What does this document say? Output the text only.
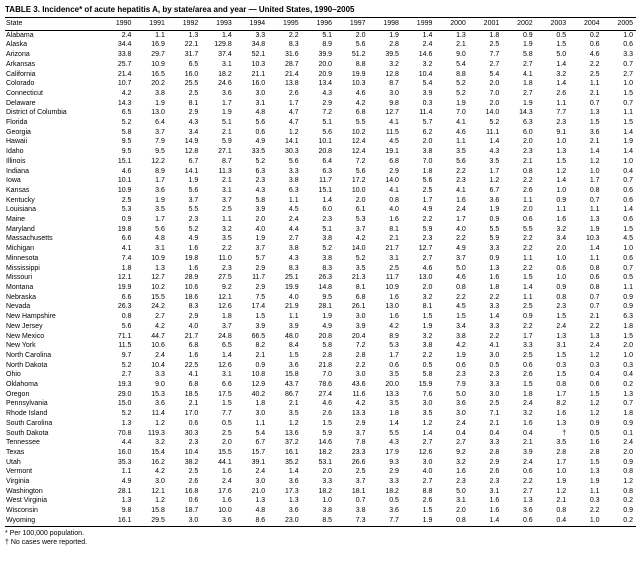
TABLE 3. Incidence* of acute hepatitis A, by state/area and year — United States, 1990–2005
State	1990	1991	1992	1993	1994	1995	1996	1997	1998	1999	2000	2001	2002	2003	2004	2005
Alabama	2.4	1.1	1.3	1.4	3.3	2.2	5.1	2.0	1.9	1.4	1.3	1.8	0.9	0.5	0.2	1.0
Alaska	34.4	16.9	22.1	129.8	34.8	8.3	8.9	5.6	2.8	2.4	2.1	2.5	1.9	1.5	0.6	0.6
Arizona	33.8	29.7	31.7	37.4	52.1	31.6	39.9	51.2	39.5	14.6	9.0	7.7	5.8	5.0	4.6	3.3
Arkansas	25.7	10.9	6.5	3.1	10.3	28.7	20.0	8.8	3.2	3.2	5.4	2.7	2.7	1.4	2.2	0.7
California	21.4	16.5	16.0	18.2	21.1	21.4	20.9	19.9	12.8	10.4	8.8	5.4	4.1	3.2	2.5	2.7
Colorado	10.7	20.2	25.5	24.6	16.0	13.8	13.4	10.3	8.7	5.4	5.2	2.0	1.8	1.4	1.1	1.0
Connecticut	4.2	3.8	2.5	3.6	3.0	2.6	4.3	4.6	3.0	3.9	5.2	7.0	2.7	2.6	2.1	1.5
Delaware	14.3	1.9	8.1	1.7	3.1	1.7	2.9	4.2	9.8	0.3	1.9	2.0	1.9	1.1	0.7	0.7
District of Columbia	6.5	13.0	2.9	1.9	4.8	4.7	7.2	6.8	12.7	11.4	7.0	14.0	14.3	7.7	1.3	1.1
Florida	5.2	6.4	4.3	5.1	5.6	4.7	5.1	5.5	4.1	5.7	4.1	5.2	6.3	2.3	1.5	1.5
Georgia	5.8	3.7	3.4	2.1	0.6	1.2	5.6	10.2	11.5	6.2	4.6	11.1	6.0	9.1	3.6	1.4
Hawaii	9.5	7.9	14.9	5.9	4.9	14.1	10.1	12.4	4.5	2.0	1.1	1.4	2.0	1.0	2.1	1.9
Idaho	9.5	9.5	12.8	27.1	33.5	30.3	20.8	12.4	19.1	3.8	3.5	4.3	2.3	1.3	1.4	1.4
Illinois	15.1	12.2	6.7	8.7	5.2	5.6	6.4	7.2	6.8	7.0	5.6	3.5	2.1	1.5	1.2	1.0
Indiana	4.6	8.9	14.1	11.3	6.3	3.3	6.3	5.6	2.9	1.8	2.2	1.7	0.8	1.2	1.0	0.4
Iowa	10.1	1.7	1.9	2.1	2.3	3.8	11.7	17.2	14.0	5.6	2.3	1.2	2.2	1.4	1.7	0.7
Kansas	10.9	3.6	5.6	3.1	4.3	6.3	15.1	10.0	4.1	2.5	4.1	6.7	2.6	1.0	0.8	0.6
Kentucky	2.5	1.9	3.7	3.7	5.8	1.1	1.4	2.0	0.8	1.7	1.6	3.6	1.1	0.9	0.7	0.6
Louisiana	5.3	3.5	5.5	2.5	3.9	4.5	6.0	6.1	4.0	4.9	2.4	1.9	2.0	1.1	1.1	1.4
Maine	0.9	1.7	2.3	1.1	2.0	2.4	2.3	5.3	1.6	2.2	1.7	0.9	0.6	1.6	1.3	0.6
Maryland	19.8	5.6	5.2	3.2	4.0	4.4	5.1	3.7	8.1	5.9	4.0	5.5	5.5	3.2	1.9	1.5
Massachusetts	6.6	4.8	4.9	3.5	1.9	2.7	3.8	4.2	2.1	2.3	2.2	5.9	2.2	3.4	10.3	4.5
Michigan	4.1	3.1	1.6	2.2	3.7	3.8	5.2	14.0	21.7	12.7	4.9	3.3	2.2	2.0	1.4	1.0
Minnesota	7.4	10.9	19.8	11.0	5.7	4.3	3.8	5.2	3.1	2.7	3.7	0.9	1.1	1.0	1.1	0.6
Mississippi	1.8	1.3	1.6	2.3	2.9	8.3	8.3	3.5	2.5	4.6	5.0	1.3	2.2	0.6	0.8	0.7
Missouri	12.1	12.7	28.9	27.5	11.7	25.1	26.3	21.3	11.7	13.0	4.6	1.6	1.5	1.0	0.6	0.5
Montana	19.9	10.2	10.6	9.2	2.9	19.9	14.8	8.1	10.9	2.0	0.8	1.8	1.4	0.9	0.8	1.1
Nebraska	6.6	15.5	18.6	12.1	7.5	4.0	9.5	6.8	1.6	3.2	2.2	2.2	1.1	0.8	0.7	0.9
Nevada	26.3	24.2	8.3	12.6	17.4	21.9	28.1	26.1	13.0	8.1	4.5	3.3	2.5	2.3	0.7	0.9
New Hampshire	0.8	2.7	2.9	1.8	1.5	1.1	1.9	3.0	1.6	1.5	1.5	1.4	0.9	1.5	2.1	6.3
New Jersey	5.6	4.2	4.0	3.7	3.9	3.9	4.9	3.9	4.2	1.9	3.4	3.3	2.2	2.4	2.2	1.8
New Mexico	71.1	44.7	21.7	24.8	66.5	48.0	20.8	20.4	8.9	3.2	3.8	2.2	1.7	1.3	1.3	1.5
New York	11.5	10.6	6.8	6.5	8.2	8.4	5.8	7.2	5.3	3.8	4.2	4.1	3.3	3.1	2.4	2.0
North Carolina	9.7	2.4	1.6	1.4	2.1	1.5	2.8	2.8	1.7	2.2	1.9	3.0	2.5	1.5	1.2	1.0
North Dakota	5.2	10.4	22.5	12.6	0.9	3.6	21.8	2.2	0.6	0.5	0.6	0.5	0.6	0.3	0.3	0.3
Ohio	2.7	3.3	4.1	3.1	10.8	15.8	7.0	3.0	3.5	5.8	2.3	2.3	2.6	1.5	0.4	0.4
Oklahoma	19.3	9.0	6.8	6.6	12.9	43.7	78.6	43.6	20.0	15.9	7.9	3.3	1.5	0.8	0.6	0.2
Oregon	29.0	15.3	18.5	17.5	40.2	86.7	27.4	11.6	13.3	7.6	5.0	3.0	1.8	1.7	1.5	1.3
Pennsylvania	15.0	3.6	2.1	1.5	1.8	2.1	4.6	4.2	3.5	3.0	3.6	2.5	2.4	8.2	1.2	0.7
Rhode Island	5.2	11.4	17.0	7.7	3.0	3.5	2.6	13.3	1.8	3.5	3.0	7.1	3.2	1.6	1.2	1.8
South Carolina	1.3	1.2	0.6	0.5	1.1	1.2	1.5	2.9	1.4	1.2	2.4	2.1	1.6	1.3	0.9	0.9
South Dakota	70.8	119.3	30.3	2.5	5.4	13.6	5.9	3.7	5.5	1.4	0.4	0.4	0.4	†	0.5	0.1
Tennessee	4.4	3.2	2.3	2.0	6.7	37.2	14.6	7.8	4.3	2.7	2.7	3.3	2.1	3.5	1.6	2.4
Texas	16.0	15.4	10.4	15.5	15.7	16.1	18.2	23.3	17.9	12.6	9.2	2.8	3.9	2.8	2.8	2.0
Utah	35.3	16.2	38.2	44.1	39.1	35.2	53.1	26.6	9.3	3.0	3.2	2.9	2.4	1.7	1.5	0.9
Vermont	1.1	4.2	2.5	1.6	2.4	1.4	2.0	2.5	2.9	4.0	1.6	2.6	0.6	1.0	1.3	0.8
Virginia	4.9	3.0	2.6	2.4	3.0	3.6	3.3	3.7	3.3	2.7	2.3	2.3	2.2	1.9	1.9	1.2
Washington	28.1	12.1	16.8	17.6	21.0	17.3	18.2	18.1	18.2	8.8	5.0	3.1	2.7	1.2	1.1	0.8
West Virginia	1.3	1.2	0.6	1.6	1.3	1.3	1.0	0.7	0.5	2.6	3.1	1.6	1.3	2.1	0.3	0.2
Wisconsin	9.8	15.8	18.7	10.0	4.8	3.6	3.8	3.8	3.6	1.5	2.0	1.6	3.6	0.8	2.2	0.9
Wyoming	16.1	29.5	3.0	3.6	8.6	23.0	8.5	7.3	7.7	1.9	0.8	1.4	0.6	0.4	1.0	0.2
* Per 100,000 population.
† No cases were reported.
